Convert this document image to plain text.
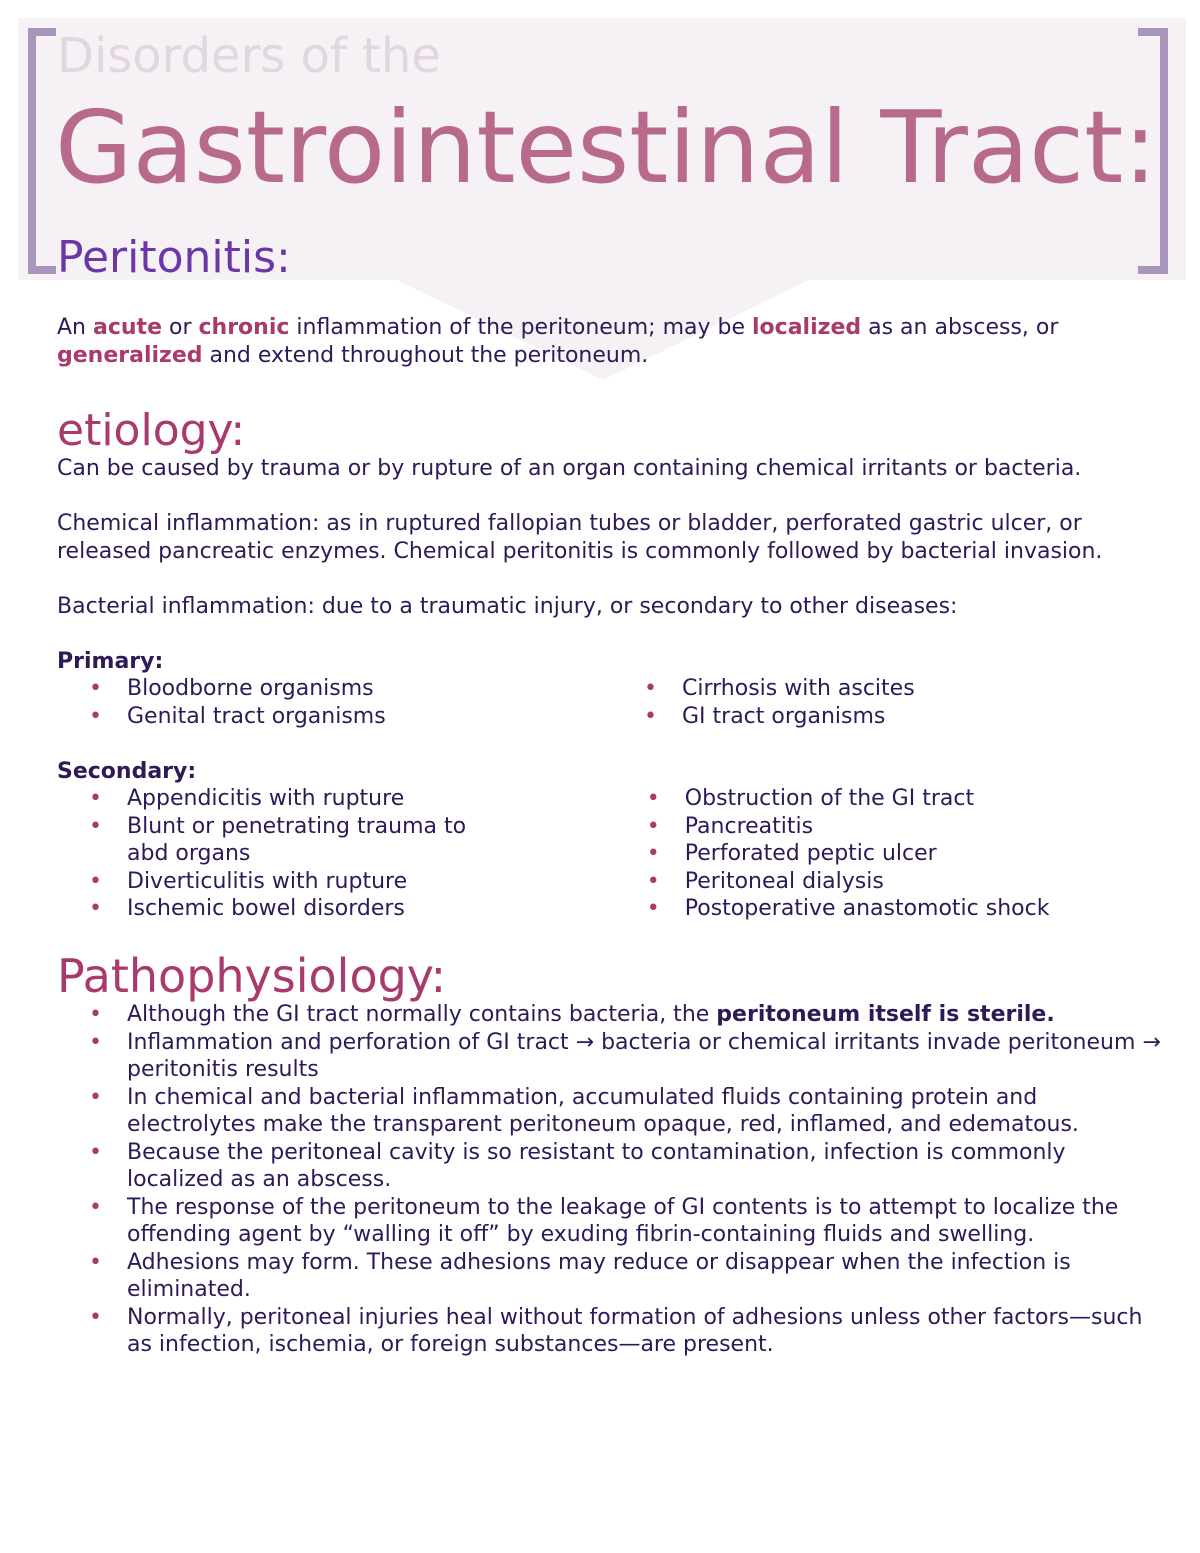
Disorders of the
Gastrointestinal Tract:
Peritonitis:

An acute or chronic inflammation of the peritoneum; may be localized as an abscess, or generalized and extend throughout the peritoneum.

etiology:

Can be caused by trauma or by rupture of an organ containing chemical irritants or bacteria.

Chemical inflammation: as in ruptured fallopian tubes or bladder, perforated gastric ulcer, or released pancreatic enzymes. Chemical peritonitis is commonly followed by bacterial invasion.

Bacterial inflammation: due to a traumatic injury, or secondary to other diseases:

Primary:

• Bloodborne organisms
• Genital tract organisms
• Cirrhosis with ascites
• GI tract organisms

Secondary:

• Appendicitis with rupture
• Blunt or penetrating trauma to abd organs
• Diverticulitis with rupture
• Ischemic bowel disorders
• Obstruction of the GI tract
• Pancreatitis
• Perforated peptic ulcer
• Peritoneal dialysis
• Postoperative anastomotic shock
Pathophysiology:
• Although the GI tract normally contains bacteria, the peritoneum itself is sterile.
• Inflammation and perforation of GI tract → bacteria or chemical irritants invade peritoneum → peritonitis results
• In chemical and bacterial inflammation, accumulated fluids containing protein and electrolytes make the transparent peritoneum opaque, red, inflamed, and edematous.
• Because the peritoneal cavity is so resistant to contamination, infection is commonly localized as an abscess.
• The response of the peritoneum to the leakage of GI contents is to attempt to localize the offending agent by “walling it off” by exuding fibrin-containing fluids and swelling.
• Adhesions may form. These adhesions may reduce or disappear when the infection is eliminated.
• Normally, peritoneal injuries heal without formation of adhesions unless other factors—such as infection, ischemia, or foreign substances—are present.
